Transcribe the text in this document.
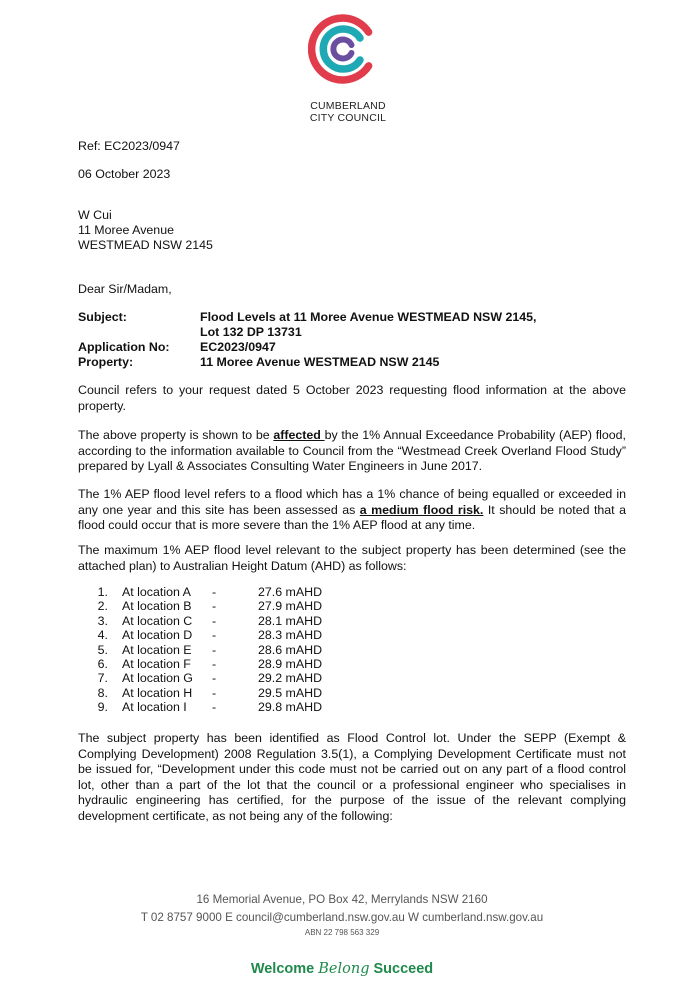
CUMBERLAND
CITY COUNCIL
Ref: EC2023/0947
06 October 2023
W Cui
11 Moree Avenue
WESTMEAD NSW 2145
Dear Sir/Madam,
Subject:	Flood Levels at 11 Moree Avenue WESTMEAD NSW 2145,
Lot 132 DP 13731
Application No: EC2023/0947
Property:	11 Moree Avenue WESTMEAD NSW 2145
Council refers to your request dated 5 October 2023 requesting flood information at the above property.
The above property is shown to be affected by the 1% Annual Exceedance Probability (AEP) flood, according to the information available to Council from the “Westmead Creek Overland Flood Study” prepared by Lyall & Associates Consulting Water Engineers in June 2017.
The 1% AEP flood level refers to a flood which has a 1% chance of being equalled or exceeded in any one year and this site has been assessed as a medium flood risk. It should be noted that a flood could occur that is more severe than the 1% AEP flood at any time.
The maximum 1% AEP flood level relevant to the subject property has been determined (see the attached plan) to Australian Height Datum (AHD) as follows:
1. At location A -	27.6 mAHD
2. At location B -	27.9 mAHD
3. At location C -	28.1 mAHD
4. At location D -	28.3 mAHD
5. At location E -	28.6 mAHD
6. At location F -	28.9 mAHD
7. At location G -	29.2 mAHD
8. At location H -	29.5 mAHD
9. At location I -	29.8 mAHD
The subject property has been identified as Flood Control lot. Under the SEPP (Exempt & Complying Development) 2008 Regulation 3.5(1), a Complying Development Certificate must not be issued for, “Development under this code must not be carried out on any part of a flood control lot, other than a part of the lot that the council or a professional engineer who specialises in hydraulic engineering has certified, for the purpose of the issue of the relevant complying development certificate, as not being any of the following:
16 Memorial Avenue, PO Box 42, Merrylands NSW 2160
T 02 8757 9000 E council@cumberland.nsw.gov.au W cumberland.nsw.gov.au
ABN 22 798 563 329
Welcome Belong Succeed
